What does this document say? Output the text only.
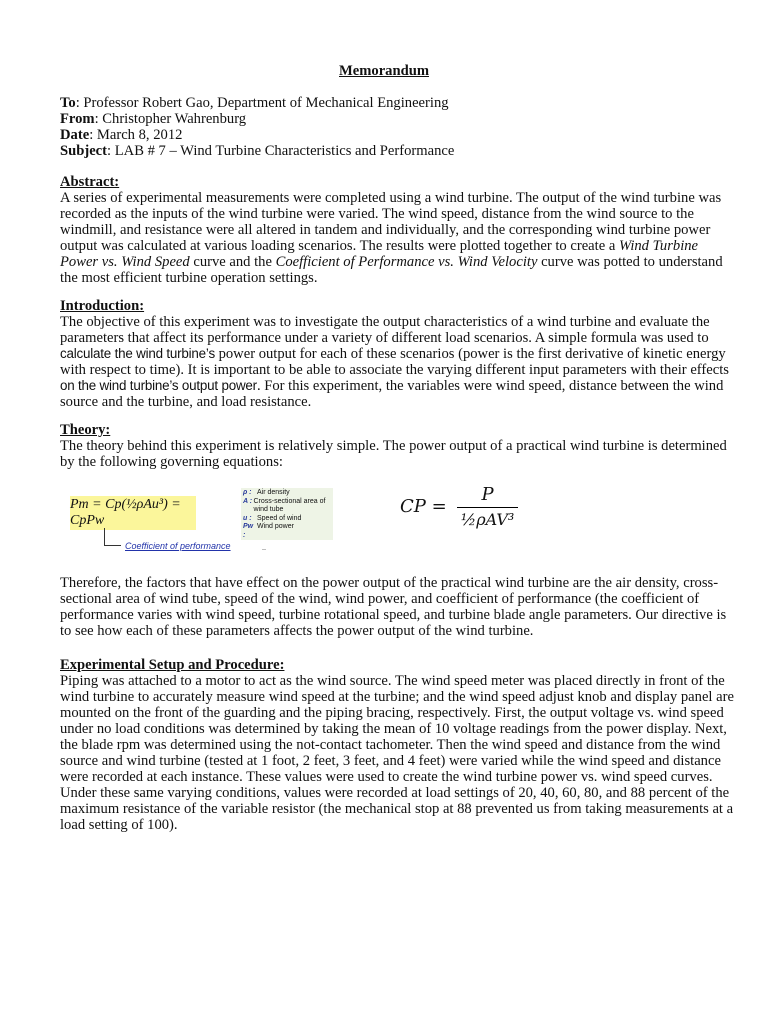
Memorandum
To: Professor Robert Gao, Department of Mechanical Engineering
From: Christopher Wahrenburg
Date: March 8, 2012
Subject: LAB # 7 – Wind Turbine Characteristics and Performance
Abstract:
A series of experimental measurements were completed using a wind turbine. The output of the wind turbine was
recorded as the inputs of the wind turbine were varied. The wind speed, distance from the wind source to the
windmill, and resistance were all altered in tandem and individually, and the corresponding wind turbine power
output was calculated at various loading scenarios. The results were plotted together to create a Wind Turbine
Power vs. Wind Speed curve and the Coefficient of Performance vs. Wind Velocity curve was potted to understand
the most efficient turbine operation settings.
Introduction:
The objective of this experiment was to investigate the output characteristics of a wind turbine and evaluate the
parameters that affect its performance under a variety of different load scenarios. A simple formula was used to
calculate the wind turbine’s power output for each of these scenarios (power is the first derivative of kinetic energy
with respect to time). It is important to be able to associate the varying different input parameters with their effects
on the wind turbine’s output power. For this experiment, the variables were wind speed, distance between the wind
source and the turbine, and load resistance.
Theory:
The theory behind this experiment is relatively simple. The power output of a practical wind turbine is determined
by the following governing equations:
Therefore, the factors that have effect on the power output of the practical wind turbine are the air density, cross-
sectional area of wind tube, speed of the wind, wind power, and coefficient of performance (the coefficient of
performance varies with wind speed, turbine rotational speed, and turbine blade angle parameters. Our directive is
to see how each of these parameters affects the power output of the wind turbine.
Experimental Setup and Procedure:
Piping was attached to a motor to act as the wind source. The wind speed meter was placed directly in front of the
wind turbine to accurately measure wind speed at the turbine; and the wind speed adjust knob and display panel are
mounted on the front of the guarding and the piping bracing, respectively. First, the output voltage vs. wind speed
under no load conditions was determined by taking the mean of 10 voltage readings from the power display. Next,
the blade rpm was determined using the not-contact tachometer. Then the wind speed and distance from the wind
source and wind turbine (tested at 1 foot, 2 feet, 3 feet, and 4 feet) were varied while the wind speed and distance
were recorded at each instance. These values were used to create the wind turbine power vs. wind speed curves.
Under these same varying conditions, values were recorded at load settings of 20, 40, 60, 80, and 88 percent of the
maximum resistance of the variable resistor (the mechanical stop at 88 prevented us from taking measurements at a
load setting of 100).
Pm = Cp(½ρAu³) = CpPw
Coefficient of performance
ρ : Air density
A : Cross-sectional area of wind tube
u : Speed of wind
Pw :
Wind power
..
CP = $\frac{P}{\text{½ρAV³}}$
